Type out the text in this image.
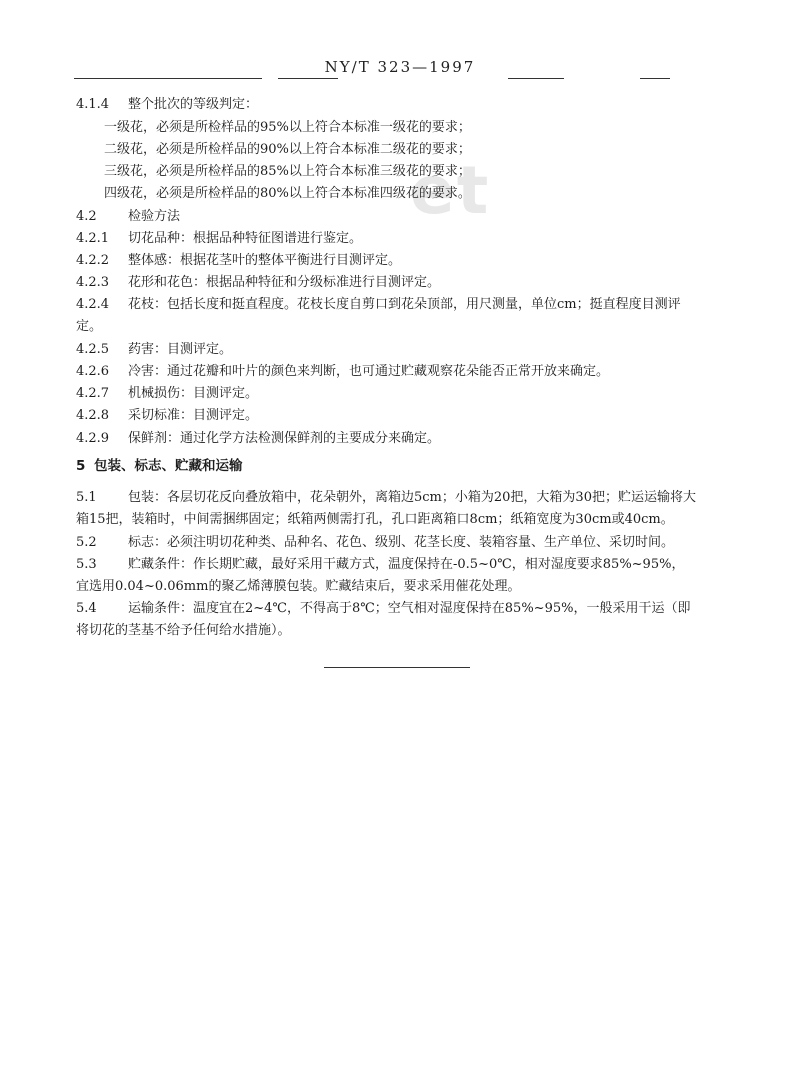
NY/T 323—1997
et
4.1.4 整个批次的等级判定：
一级花，必须是所检样品的95%以上符合本标准一级花的要求；
二级花，必须是所检样品的90%以上符合本标准二级花的要求；
三级花，必须是所检样品的85%以上符合本标准三级花的要求；
四级花，必须是所检样品的80%以上符合本标准四级花的要求。
4.2 检验方法
4.2.1 切花品种：根据品种特征图谱进行鉴定。
4.2.2 整体感：根据花茎叶的整体平衡进行目测评定。
4.2.3 花形和花色：根据品种特征和分级标准进行目测评定。
4.2.4 花枝：包括长度和挺直程度。花枝长度自剪口到花朵顶部，用尺测量，单位cm；挺直程度目测评
定。
4.2.5 药害：目测评定。
4.2.6 冷害：通过花瓣和叶片的颜色来判断，也可通过贮藏观察花朵能否正常开放来确定。
4.2.7 机械损伤：目测评定。
4.2.8 采切标准：目测评定。
4.2.9 保鲜剂：通过化学方法检测保鲜剂的主要成分来确定。
5 包装、标志、贮藏和运输
5.1 包装：各层切花反向叠放箱中，花朵朝外，离箱边5cm；小箱为20把，大箱为30把；贮运运输将大
箱15把，装箱时，中间需捆绑固定；纸箱两侧需打孔，孔口距离箱口8cm；纸箱宽度为30cm或40cm。
5.2 标志：必须注明切花种类、品种名、花色、级别、花茎长度、装箱容量、生产单位、采切时间。
5.3 贮藏条件：作长期贮藏，最好采用干藏方式，温度保持在-0.5~0℃，相对湿度要求85%~95%，
宜选用0.04~0.06mm的聚乙烯薄膜包装。贮藏结束后，要求采用催花处理。
5.4 运输条件：温度宜在2~4℃，不得高于8℃；空气相对湿度保持在85%~95%，一般采用干运（即
将切花的茎基不给予任何给水措施）。
